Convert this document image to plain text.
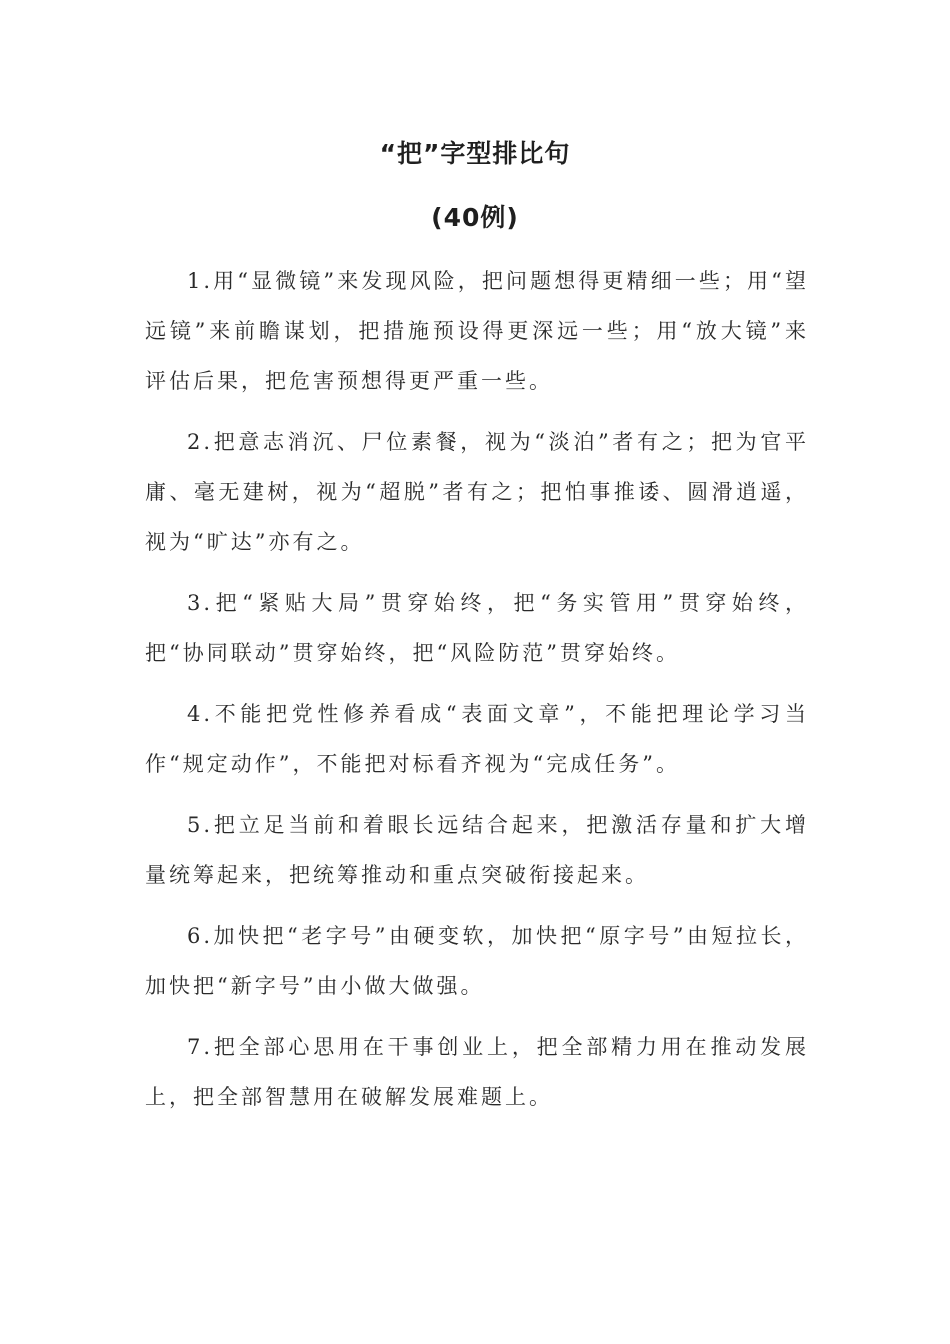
“把”字型排比句
(40例)

1.用“显微镜”来发现风险，把问题想得更精细一些；用“望远镜”来前瞻谋划，把措施预设得更深远一些；用“放大镜”来评估后果，把危害预想得更严重一些。

2.把意志消沉、尸位素餐，视为“淡泊”者有之；把为官平庸、毫无建树，视为“超脱”者有之；把怕事推诿、圆滑逍遥，视为“旷达”亦有之。

3.把“紧贴大局”贯穿始终，把“务实管用”贯穿始终，把“协同联动”贯穿始终，把“风险防范”贯穿始终。

4.不能把党性修养看成“表面文章”，不能把理论学习当作“规定动作”，不能把对标看齐视为“完成任务”。

5.把立足当前和着眼长远结合起来，把激活存量和扩大增量统筹起来，把统筹推动和重点突破衔接起来。

6.加快把“老字号”由硬变软，加快把“原字号”由短拉长，加快把“新字号”由小做大做强。

7.把全部心思用在干事创业上，把全部精力用在推动发展上，把全部智慧用在破解发展难题上。
